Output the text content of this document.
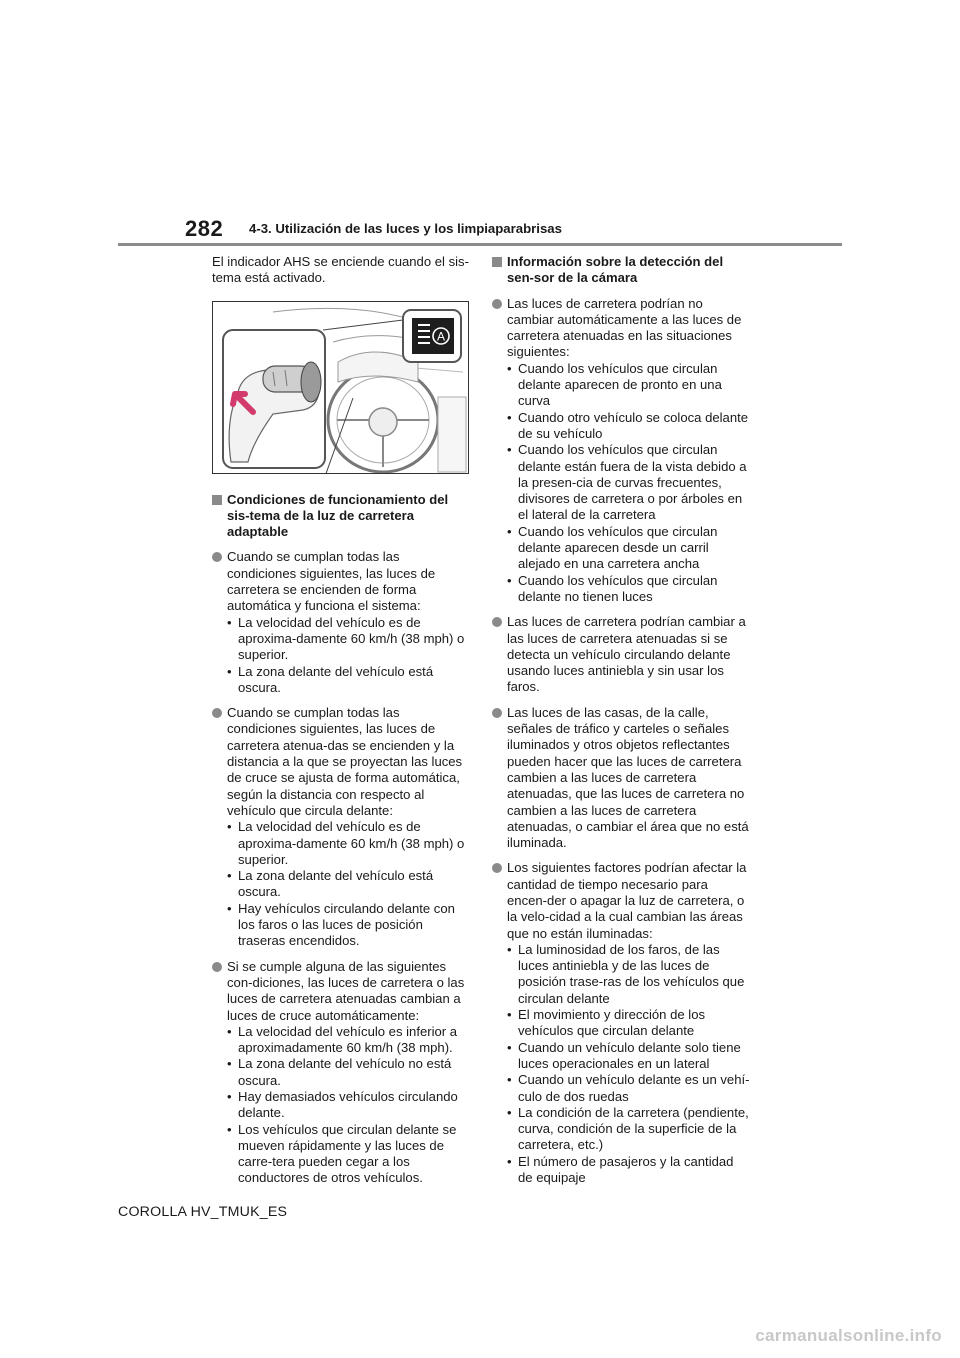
282 4-3. Utilización de las luces y los limpiaparabrisas

El indicador AHS se enciende cuando el sis-tema está activado.

A
Condiciones de funcionamiento del sis-tema de la luz de carretera adaptable
Cuando se cumplan todas las condiciones siguientes, las luces de carretera se encienden de forma automática y funciona el sistema:
• La velocidad del vehículo es de aproxima-damente 60 km/h (38 mph) o superior.
• La zona delante del vehículo está oscura.
Cuando se cumplan todas las condiciones siguientes, las luces de carretera atenua-das se encienden y la distancia a la que se proyectan las luces de cruce se ajusta de forma automática, según la distancia con respecto al vehículo que circula delante:
• La velocidad del vehículo es de aproxima-damente 60 km/h (38 mph) o superior.
• La zona delante del vehículo está oscura.
• Hay vehículos circulando delante con los faros o las luces de posición traseras encendidos.
Si se cumple alguna de las siguientes con-diciones, las luces de carretera o las luces de carretera atenuadas cambian a luces de cruce automáticamente:
• La velocidad del vehículo es inferior a aproximadamente 60 km/h (38 mph).
• La zona delante del vehículo no está oscura.
• Hay demasiados vehículos circulando delante.
• Los vehículos que circulan delante se mueven rápidamente y las luces de carre-tera pueden cegar a los conductores de otros vehículos.
Información sobre la detección del sen-sor de la cámara
Las luces de carretera podrían no cambiar automáticamente a las luces de carretera atenuadas en las situaciones siguientes:
• Cuando los vehículos que circulan delante aparecen de pronto en una curva
• Cuando otro vehículo se coloca delante de su vehículo
• Cuando los vehículos que circulan delante están fuera de la vista debido a la presen-cia de curvas frecuentes, divisores de carretera o por árboles en el lateral de la carretera
• Cuando los vehículos que circulan delante aparecen desde un carril alejado en una carretera ancha
• Cuando los vehículos que circulan delante no tienen luces
Las luces de carretera podrían cambiar a las luces de carretera atenuadas si se detecta un vehículo circulando delante usando luces antiniebla y sin usar los faros.
Las luces de las casas, de la calle, señales de tráfico y carteles o señales iluminados y otros objetos reflectantes pueden hacer que las luces de carretera cambien a las luces de carretera atenuadas, que las luces de carretera no cambien a las luces de carretera atenuadas, o cambiar el área que no está iluminada.
Los siguientes factores podrían afectar la cantidad de tiempo necesario para encen-der o apagar la luz de carretera, o la velo-cidad a la cual cambian las áreas que no están iluminadas:
• La luminosidad de los faros, de las luces antiniebla y de las luces de posición trase-ras de los vehículos que circulan delante
• El movimiento y dirección de los vehículos que circulan delante
• Cuando un vehículo delante solo tiene luces operacionales en un lateral
• Cuando un vehículo delante es un vehí-culo de dos ruedas
• La condición de la carretera (pendiente, curva, condición de la superficie de la carretera, etc.)
• El número de pasajeros y la cantidad de equipaje
COROLLA HV_TMUK_ES
carmanualsonline.info
